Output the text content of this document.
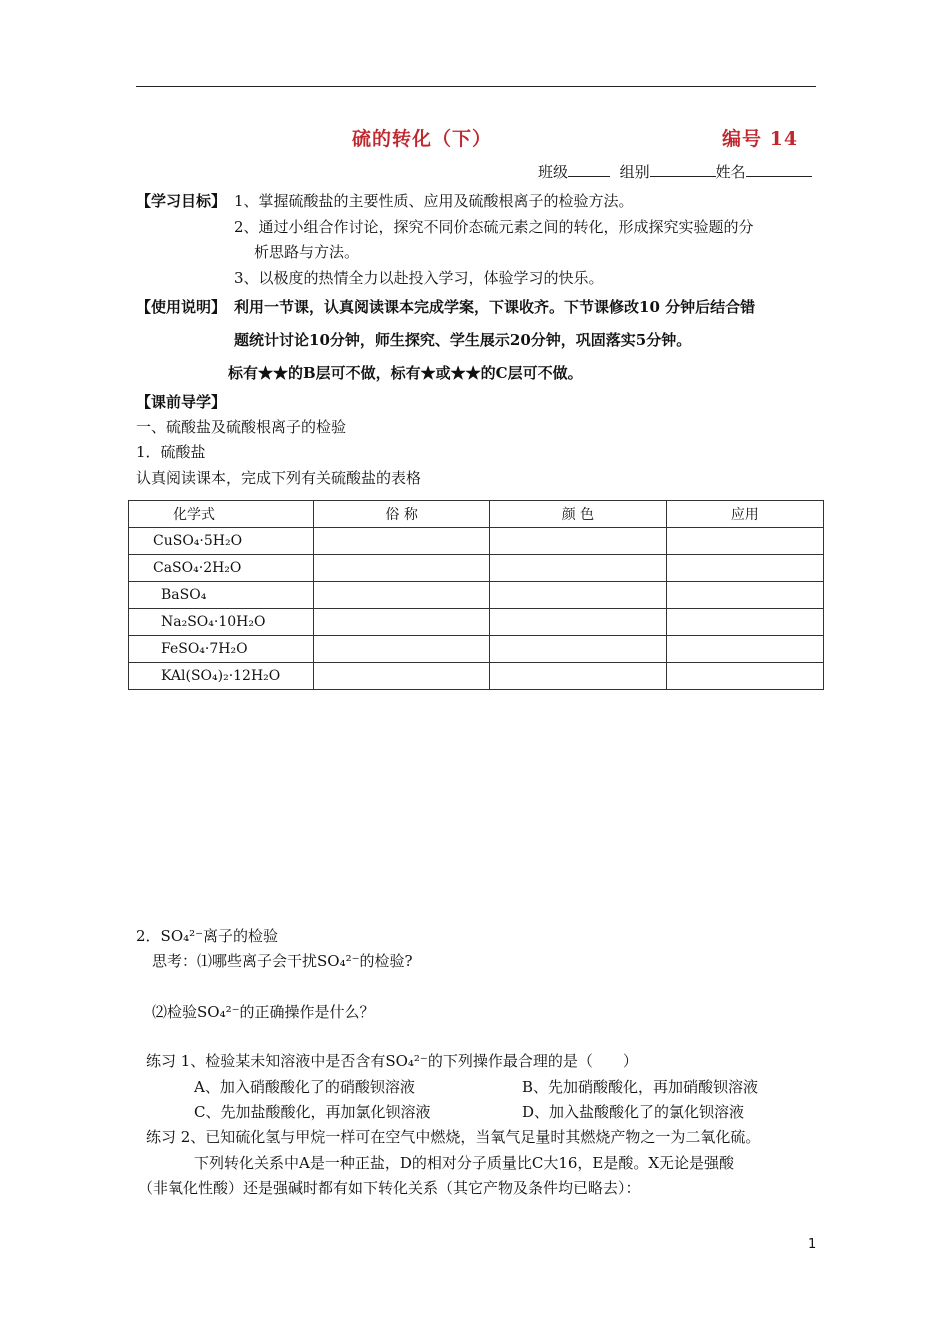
硫的转化（下）	编号 14
班级	组别	姓名
【学习目标】 1、掌握硫酸盐的主要性质、应用及硫酸根离子的检验方法。
2、通过小组合作讨论，探究不同价态硫元素之间的转化，形成探究实验题的分
析思路与方法。
3、以极度的热情全力以赴投入学习，体验学习的快乐。
【使用说明】 利用一节课，认真阅读课本完成学案，下课收齐。下节课修改10 分钟后结合错
题统计讨论10分钟，师生探究、学生展示20分钟，巩固落实5分钟。
标有★★的B层可不做，标有★或★★的C层可不做。
【课前导学】
一、硫酸盐及硫酸根离子的检验
1．硫酸盐
认真阅读课本，完成下列有关硫酸盐的表格
化学式	俗 称	颜 色	应用
CuSO₄·5H₂O			
CaSO₄·2H₂O			
BaSO₄			
Na₂SO₄·10H₂O			
FeSO₄·7H₂O			
KAl(SO₄)₂·12H₂O			
2．SO₄²⁻离子的检验
思考：⑴哪些离子会干扰SO₄²⁻的检验?
⑵检验SO₄²⁻的正确操作是什么？
练习 1、检验某未知溶液中是否含有SO₄²⁻的下列操作最合理的是（　　）
A、加入硝酸酸化了的硝酸钡溶液	B、先加硝酸酸化，再加硝酸钡溶液
C、先加盐酸酸化，再加氯化钡溶液	D、加入盐酸酸化了的氯化钡溶液
练习 2、已知硫化氢与甲烷一样可在空气中燃烧，当氧气足量时其燃烧产物之一为二氧化硫。
下列转化关系中A是一种正盐，D的相对分子质量比C大16，E是酸。X无论是强酸
（非氧化性酸）还是强碱时都有如下转化关系（其它产物及条件均已略去）：
1
